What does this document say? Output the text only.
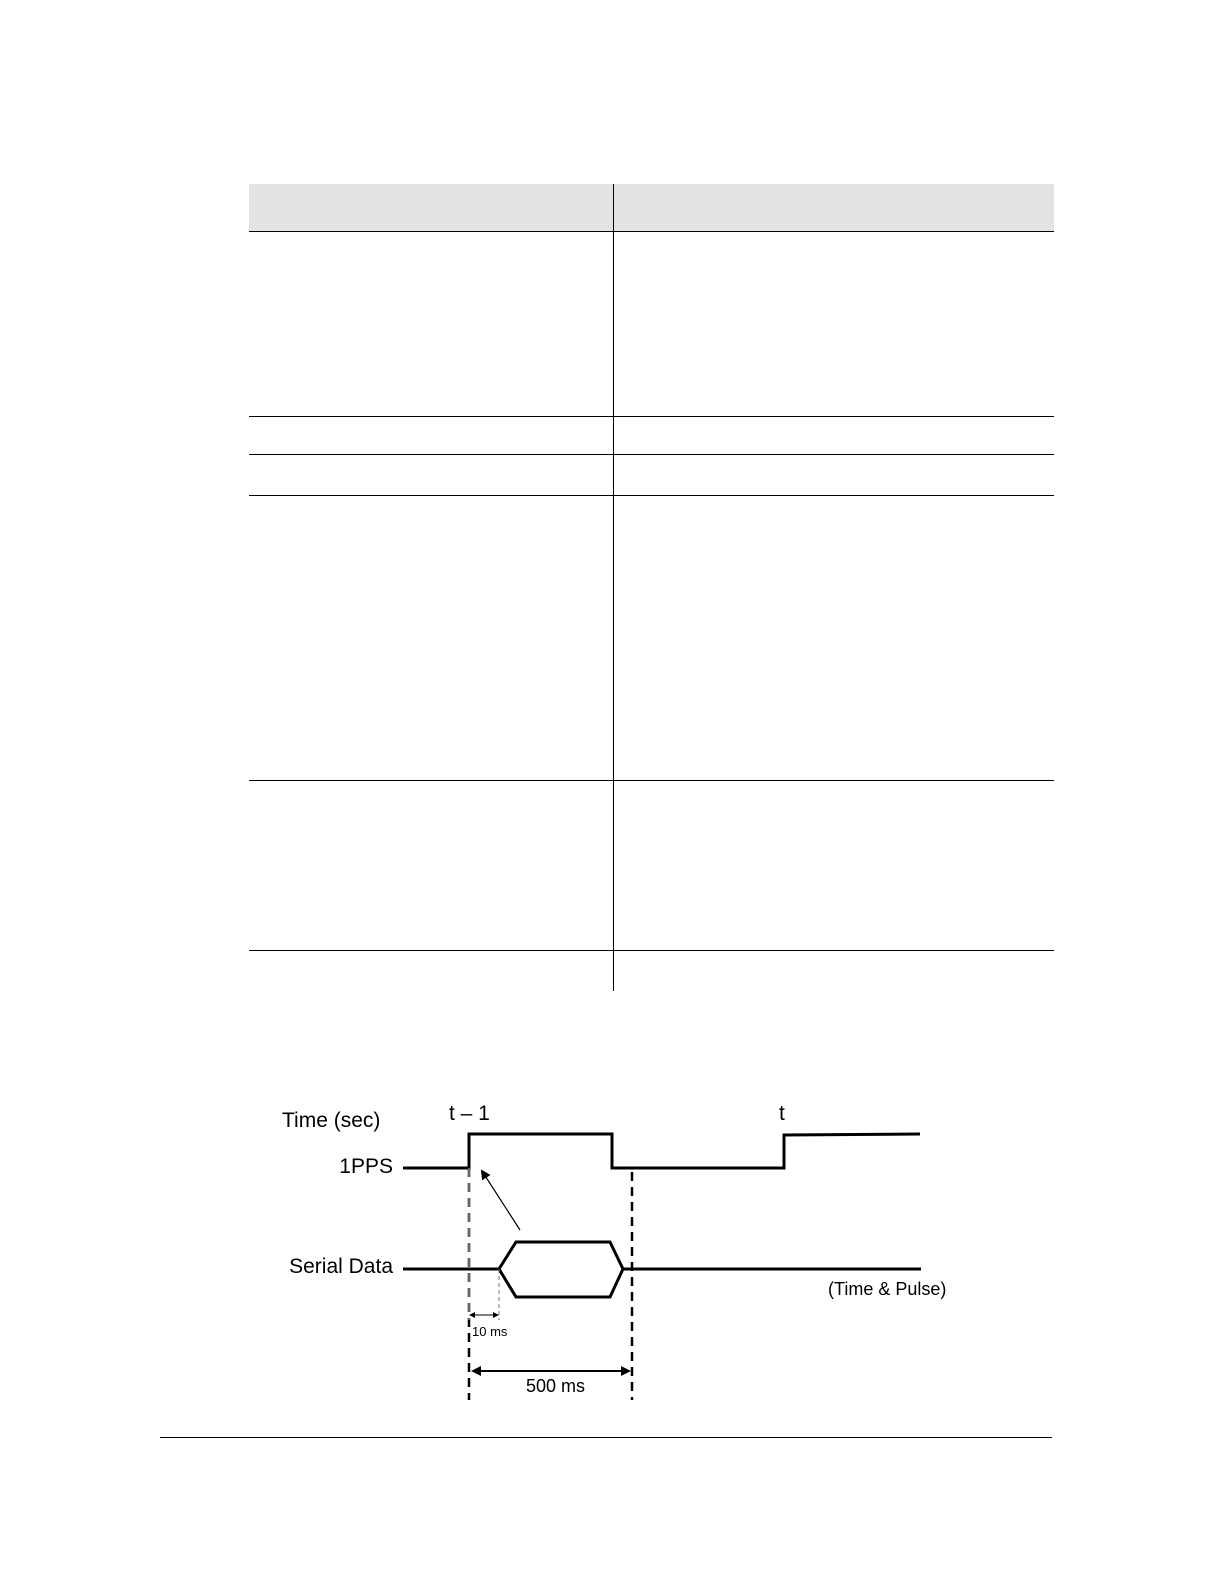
Time (sec)
1PPS
Serial Data
t – 1	t
(Time & Pulse)
10 ms
500 ms
